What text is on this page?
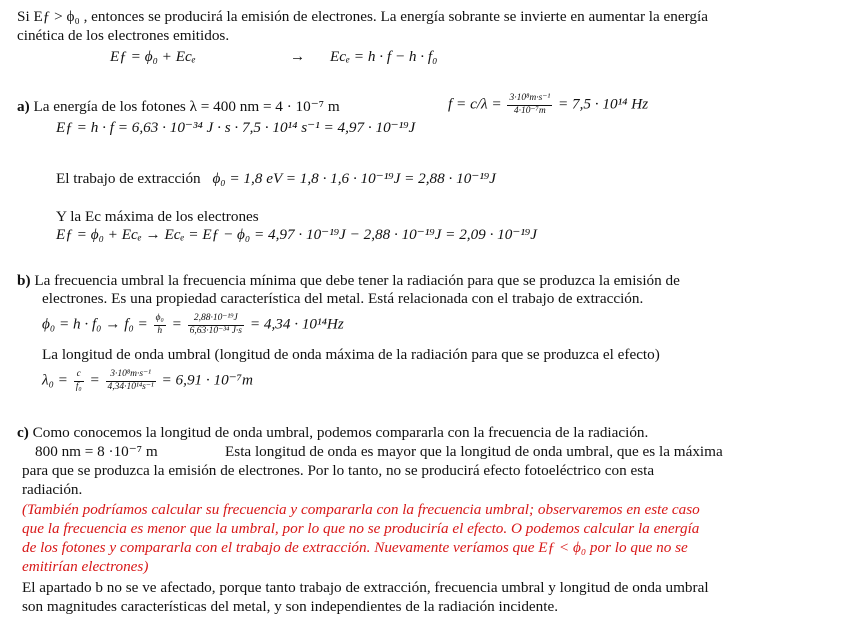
Si Eƒ > ϕ₀ , entonces se producirá la emisión de electrones. La energía sobrante se invierte en aumentar la energía
cinética de los electrones emitidos.
Eƒ = ϕ₀ + Ecₑ	→ Ecₑ = h · f − h · f₀
a) La energía de los fotones λ = 400 nm = 4 · 10⁻⁷ m	$f = c/\lambda = \frac{\text{3·10⁸m·s⁻¹}}{\text{4·10⁻⁷m}} = 7,5 \cdot 10^{14}$ Hz
Eƒ = h · f = 6,63 · 10⁻³⁴ J · s · 7,5 · 10¹⁴ s⁻¹ = 4,97 · 10⁻¹⁹J
El trabajo de extracción ϕ₀ = 1,8 eV = 1,8 · 1,6 · 10⁻¹⁹J = 2,88 · 10⁻¹⁹J
Y la Ec máxima de los electrones
Eƒ = ϕ₀ + Ecₑ → Ecₑ = Eƒ − ϕ₀ = 4,97 · 10⁻¹⁹J − 2,88 · 10⁻¹⁹J = 2,09 · 10⁻¹⁹J
b) La frecuencia umbral la frecuencia mínima que debe tener la radiación para que se produzca la emisión de
electrones. Es una propiedad característica del metal. Está relacionada con el trabajo de extracción.
$\phi_0 = h \cdot f_0 \to f_0 = \frac{\text{ϕ₀}}{h} = \frac{\text{2,88·10⁻¹⁹J}}{\text{6,63·10⁻³⁴ J·s}} = 4,34 \cdot 10^{14}Hz$
La longitud de onda umbral (longitud de onda máxima de la radiación para que se produzca el efecto)
$\lambda_0 = \frac{c}{\text{f₀}} = \frac{\text{3·10⁸m·s⁻¹}}{\text{4,34·10¹⁴s⁻¹}} = 6,91 \cdot 10^{-7}m$
c) Como conocemos la longitud de onda umbral, podemos compararla con la frecuencia de la radiación.
800 nm = 8 ·10⁻⁷ m	Esta longitud de onda es mayor que la longitud de onda umbral, que es la máxima
para que se produzca la emisión de electrones. Por lo tanto, no se producirá efecto fotoeléctrico con esta
radiación.
(También podríamos calcular su frecuencia y compararla con la frecuencia umbral; observaremos en este caso
que la frecuencia es menor que la umbral, por lo que no se produciría el efecto. O podemos calcular la energía
de los fotones y compararla con el trabajo de extracción. Nuevamente veríamos que Eƒ < ϕ₀ por lo que no se
emitirían electrones)
El apartado b no se ve afectado, porque tanto trabajo de extracción, frecuencia umbral y longitud de onda umbral
son magnitudes características del metal, y son independientes de la radiación incidente.
